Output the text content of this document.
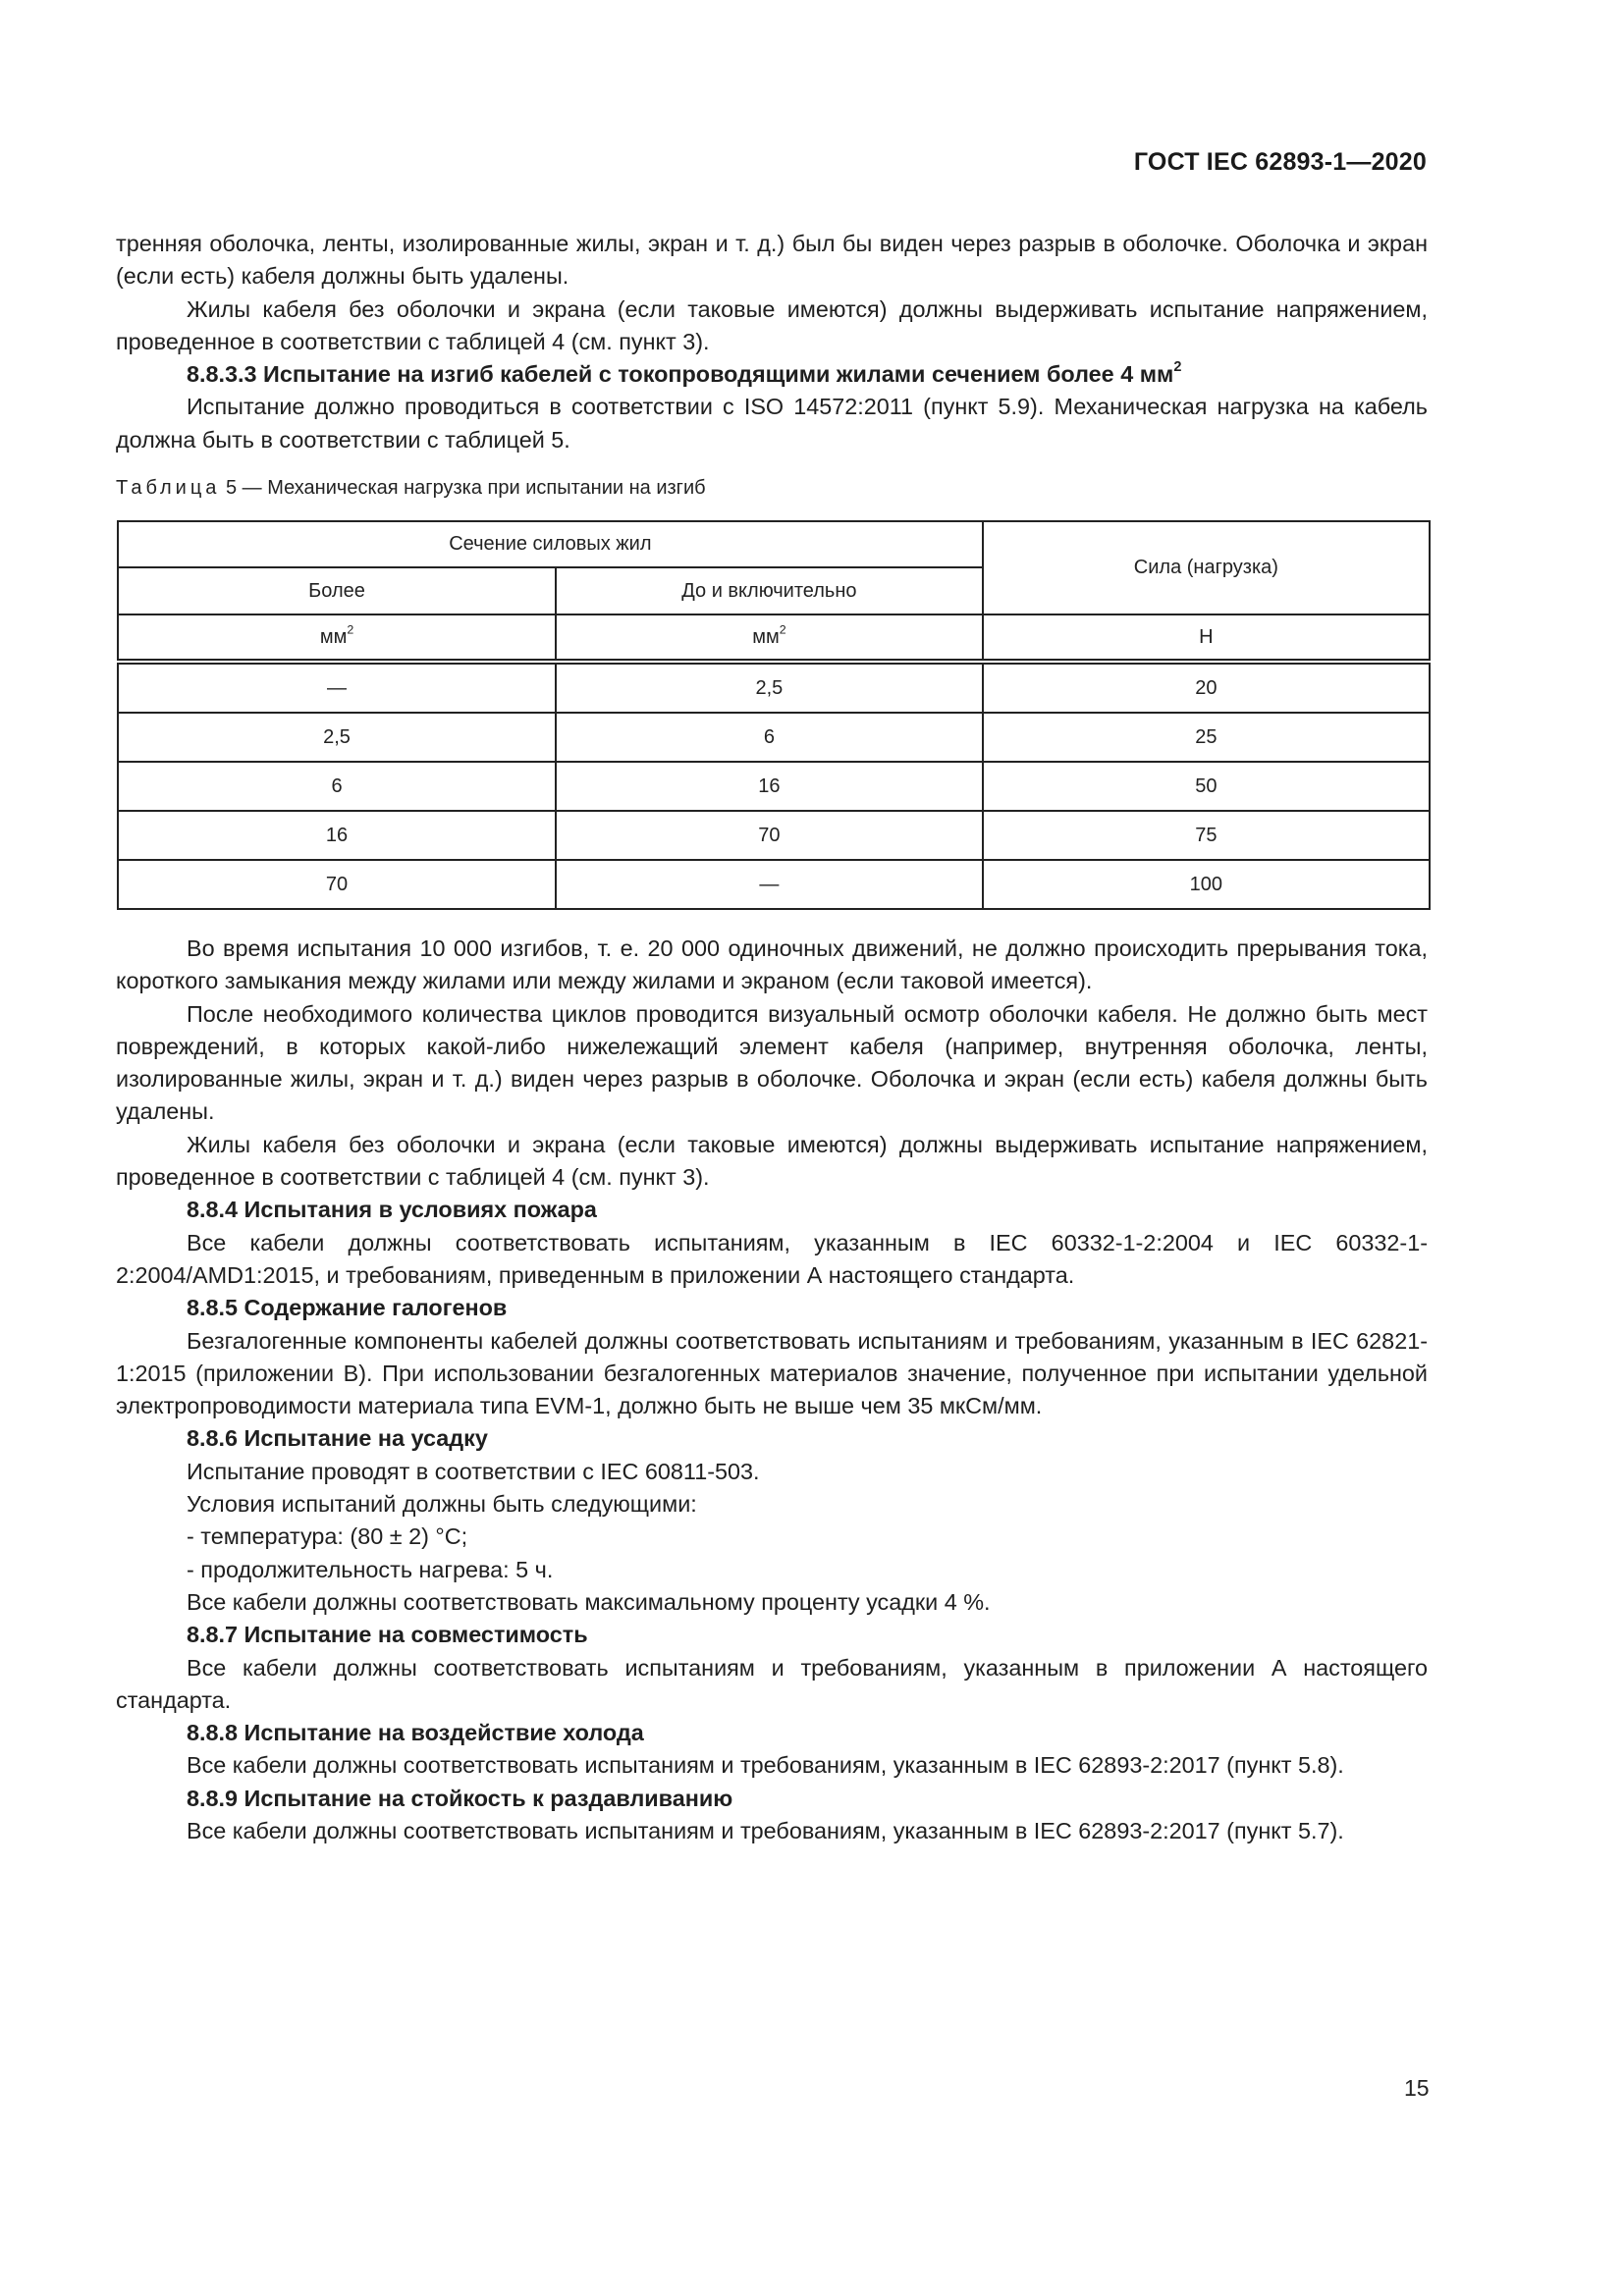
ГОСТ IEC 62893-1—2020

тренняя оболочка, ленты, изолированные жилы, экран и т. д.) был бы виден через разрыв в оболочке. Оболочка и экран (если есть) кабеля должны быть удалены.

Жилы кабеля без оболочки и экрана (если таковые имеются) должны выдерживать испытание напряжением, проведенное в соответствии с таблицей 4 (см. пункт 3).

8.8.3.3 Испытание на изгиб кабелей с токопроводящими жилами сечением более 4 $мм^2$

Испытание должно проводиться в соответствии с ISO 14572:2011 (пункт 5.9). Механическая нагрузка на кабель должна быть в соответствии с таблицей 5.

Таблица 5 — Механическая нагрузка при испытании на изгиб
Сечение силовых жил		Сила (нагрузка)
Более	До и включительно	
$мм^2$	$мм^2$	Н
—	2,5	20
2,5	6	25
6	16	50
16	70	75
70	—	100

Во время испытания 10 000 изгибов, т. е. 20 000 одиночных движений, не должно происходить прерывания тока, короткого замыкания между жилами или между жилами и экраном (если таковой имеется).

После необходимого количества циклов проводится визуальный осмотр оболочки кабеля. Не должно быть мест повреждений, в которых какой-либо нижележащий элемент кабеля (например, внутренняя оболочка, ленты, изолированные жилы, экран и т. д.) виден через разрыв в оболочке. Оболочка и экран (если есть) кабеля должны быть удалены.

Жилы кабеля без оболочки и экрана (если таковые имеются) должны выдерживать испытание напряжением, проведенное в соответствии с таблицей 4 (см. пункт 3).

8.8.4 Испытания в условиях пожара

Все кабели должны соответствовать испытаниям, указанным в IEC 60332-1-2:2004 и IEC 60332-1-2:2004/AMD1:2015, и требованиям, приведенным в приложении А настоящего стандарта.

8.8.5 Содержание галогенов

Безгалогенные компоненты кабелей должны соответствовать испытаниям и требованиям, указанным в IEC 62821-1:2015 (приложении B). При использовании безгалогенных материалов значение, полученное при испытании удельной электропроводимости материала типа EVM-1, должно быть не выше чем 35 мкСм/мм.

8.8.6 Испытание на усадку

Испытание проводят в соответствии с IEC 60811-503.

Условия испытаний должны быть следующими:

- температура: (80 ± 2) °C;

- продолжительность нагрева: 5 ч.

Все кабели должны соответствовать максимальному проценту усадки 4 %.

8.8.7 Испытание на совместимость

Все кабели должны соответствовать испытаниям и требованиям, указанным в приложении А настоящего стандарта.

8.8.8 Испытание на воздействие холода

Все кабели должны соответствовать испытаниям и требованиям, указанным в IEC 62893-2:2017 (пункт 5.8).

8.8.9 Испытание на стойкость к раздавливанию

Все кабели должны соответствовать испытаниям и требованиям, указанным в IEC 62893-2:2017 (пункт 5.7).

15
